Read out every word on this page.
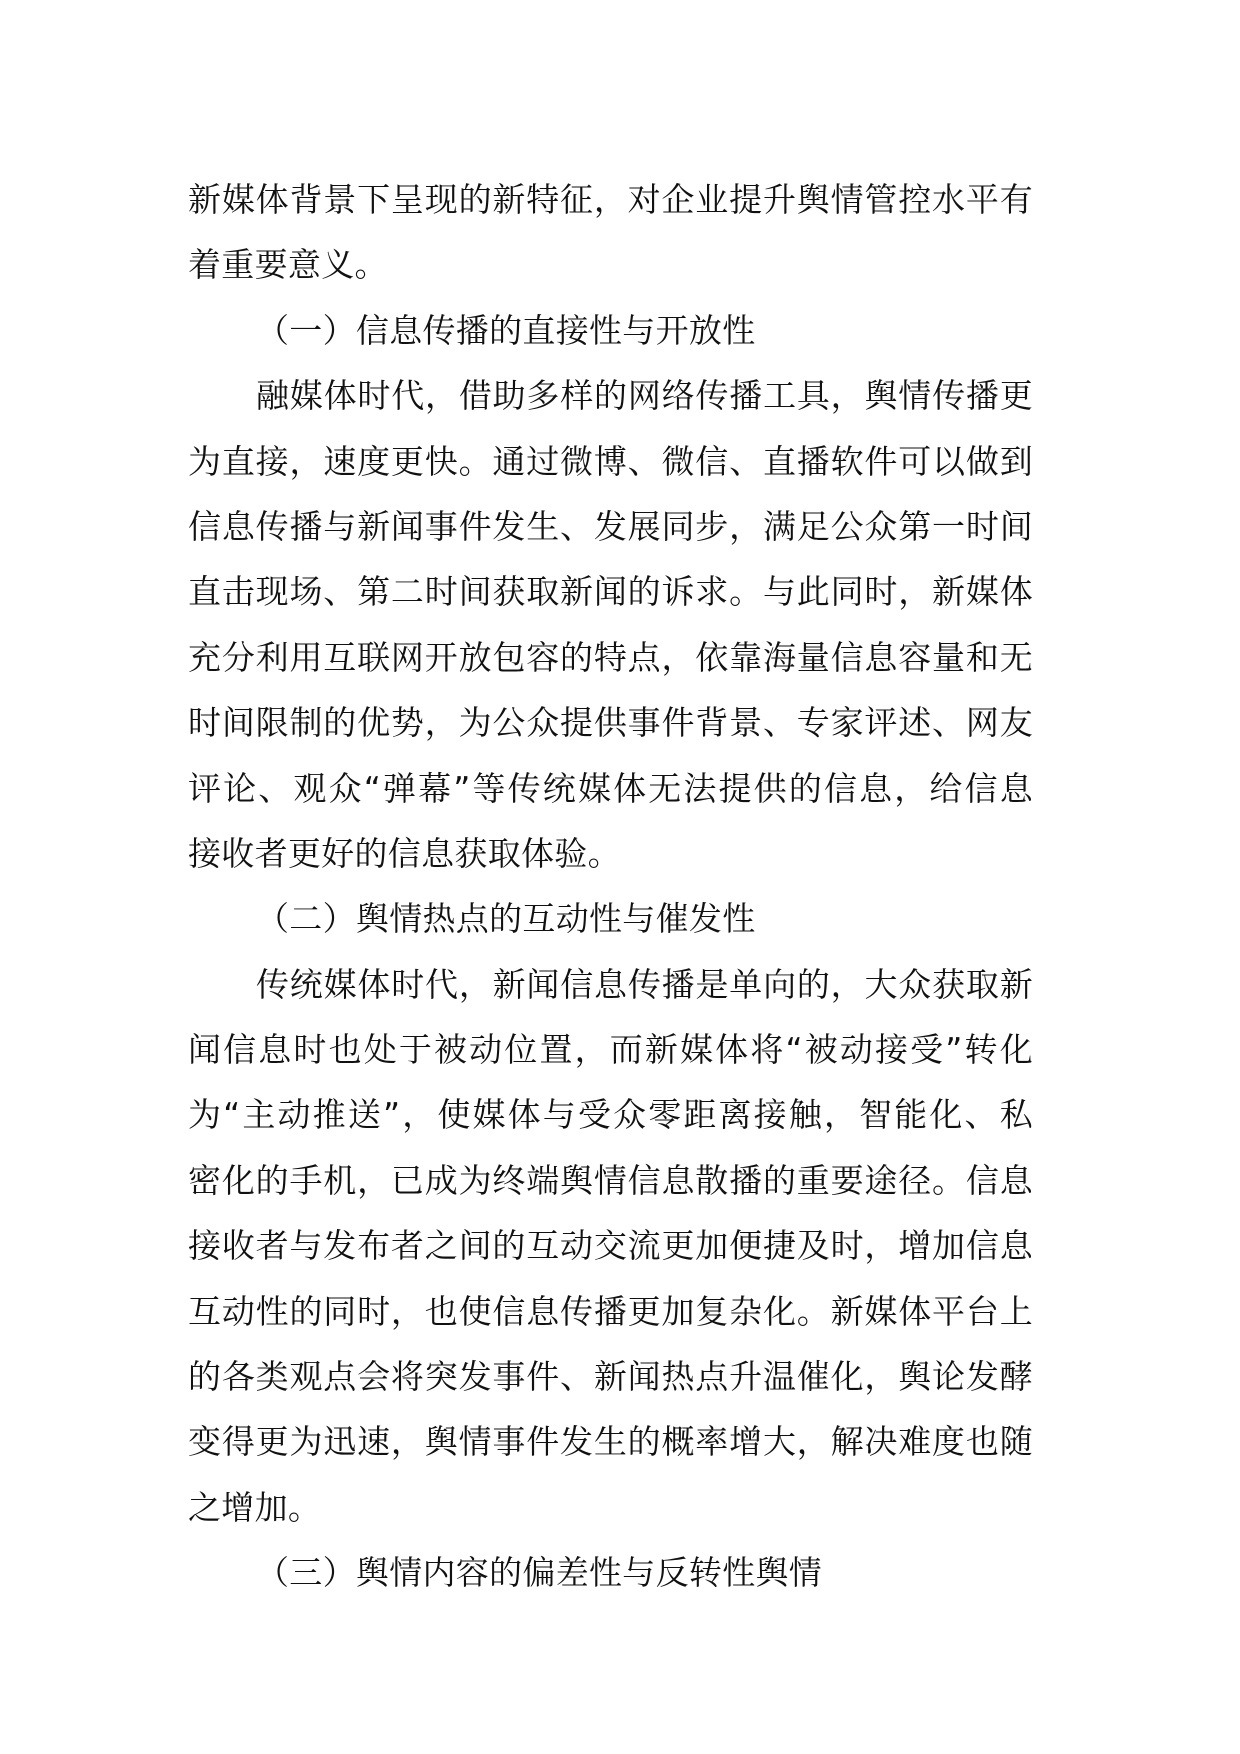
新媒体背景下呈现的新特征，对企业提升舆情管控水平有
着重要意义。
（一）信息传播的直接性与开放性
融媒体时代，借助多样的网络传播工具，舆情传播更
为直接，速度更快。通过微博、微信、直播软件可以做到
信息传播与新闻事件发生、发展同步，满足公众第一时间
直击现场、第二时间获取新闻的诉求。与此同时，新媒体
充分利用互联网开放包容的特点，依靠海量信息容量和无
时间限制的优势，为公众提供事件背景、专家评述、网友
评论、观众“弹幕”等传统媒体无法提供的信息，给信息
接收者更好的信息获取体验。
（二）舆情热点的互动性与催发性
传统媒体时代，新闻信息传播是单向的，大众获取新
闻信息时也处于被动位置，而新媒体将“被动接受”转化
为“主动推送”，使媒体与受众零距离接触，智能化、私
密化的手机，已成为终端舆情信息散播的重要途径。信息
接收者与发布者之间的互动交流更加便捷及时，增加信息
互动性的同时，也使信息传播更加复杂化。新媒体平台上
的各类观点会将突发事件、新闻热点升温催化，舆论发酵
变得更为迅速，舆情事件发生的概率增大，解决难度也随
之增加。
（三）舆情内容的偏差性与反转性舆情
